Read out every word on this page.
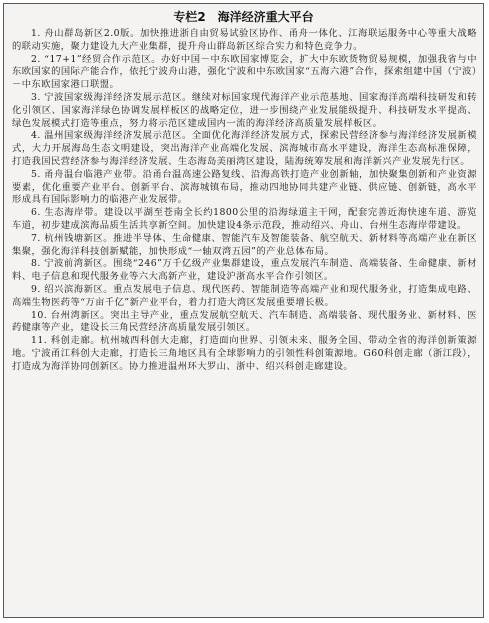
专栏2 海洋经济重大平台

1. 舟山群岛新区2.0版。加快推进浙自由贸易试验区协作、甬舟一体化、江海联运服务中心等重大战略的联动实施，聚力建设九大产业集群，提升舟山群岛新区综合实力和特色竞争力。

2. “17+1”经贸合作示范区。办好中国－中东欧国家博览会，扩大中东欧货物贸易规模，加强我省与中东欧国家的国际产能合作，依托宁波舟山港，强化宁波和中东欧国家“五海六港”合作，探索组建中国（宁波）－中东欧国家港口联盟。

3. 宁波国家级海洋经济发展示范区。继续对标国家现代海洋产业示范基地、国家海洋高端科技研发和转化引领区、国家海洋绿色协调发展样板区的战略定位，进一步围绕产业发展能级提升、科技研发水平提高、绿色发展模式打造等重点，努力将示范区建成国内一流的海洋经济高质量发展样板区。

4. 温州国家级海洋经济发展示范区。全面优化海洋经济发展方式，探索民营经济参与海洋经济发展新模式，大力开展海岛生态文明建设，突出海洋产业高端化发展、滨海城市高水平建设，海洋生态高标准保障，打造我国民营经济参与海洋经济发展、生态海岛美丽湾区建设，陆海统筹发展和海洋新兴产业发展先行区。

5. 甬舟温台临港产业带。沿甬台温高速公路复线、沿海高铁打造产业创新轴，加快聚集创新和产业资源要素，优化重要产业平台、创新平台、滨海城镇布局，推动四地协同共建产业链、供应链、创新链，高水平形成具有国际影响力的临港产业发展带。

6. 生态海岸带。建设以平湖至苍南全长约1800公里的沿海绿道主干网，配套完善近海快速车道、游览车道，初步建成滨海品质生活共享新空间。加快建设4条示范段，推动绍兴、舟山、台州生态海岸带建设。

7. 杭州钱塘新区。推进半导体、生命健康、智能汽车及智能装备、航空航天、新材料等高端产业在新区集聚，强化海洋科技创新赋能，加快形成“一轴双湾五园”的产业总体布局。

8. 宁波前湾新区。围绕“246”万千亿级产业集群建设，重点发展汽车制造、高端装备、生命健康、新材料、电子信息和现代服务业等六大高新产业，建设沪浙高水平合作引领区。

9. 绍兴滨海新区。重点发展电子信息、现代医药、智能制造等高端产业和现代服务业，打造集成电路、高端生物医药等“万亩千亿”新产业平台，着力打造大湾区发展重要增长极。

10. 台州湾新区。突出主导产业，重点发展航空航天、汽车制造、高端装备、现代服务业、新材料、医药健康等产业，建设长三角民营经济高质量发展引领区。

11. 科创走廊。杭州城西科创大走廊，打造面向世界、引领未来、服务全国、带动全省的海洋创新策源地。宁波甬江科创大走廊，打造长三角地区具有全球影响力的引领性科创策源地。G60科创走廊（浙江段），打造成为海洋协同创新区。协力推进温州环大罗山、浙中、绍兴科创走廊建设。
